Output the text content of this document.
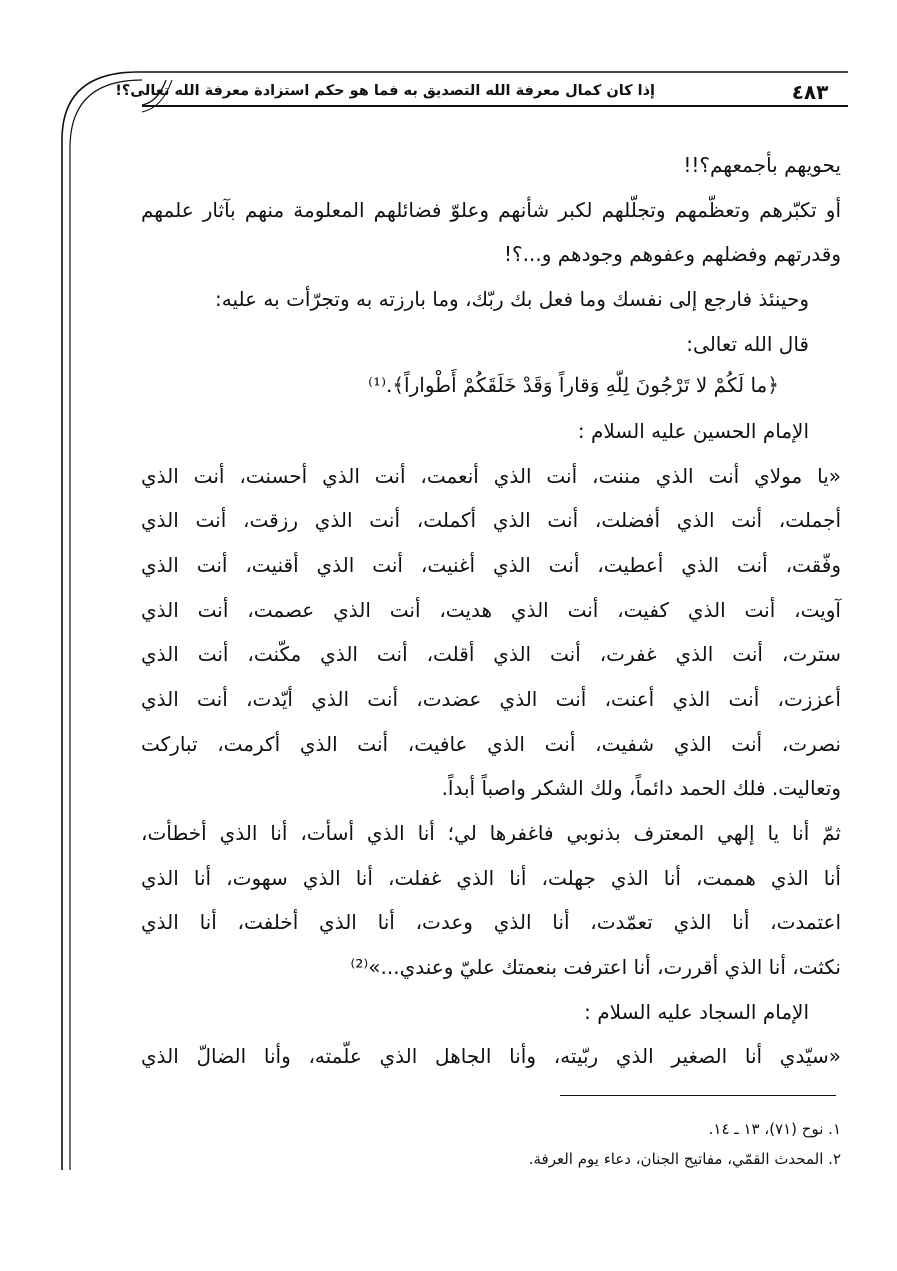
إذا كان كمال معرفة الله التصديق به فما هو حكم استزادة معرفة الله تعالى؟!	٤٨٣
يحويهم بأجمعهم؟!!
أو تكبّرهم وتعظّمهم وتجلّلهم لكبر شأنهم وعلوّ فضائلهم المعلومة منهم بآثار علمهم
وقدرتهم وفضلهم وعفوهم وجودهم و...؟!
وحينئذ فارجع إلى نفسك وما فعل بك ربّك، وما بارزته به وتجرّأت به عليه:
قال الله تعالى:
﴿ما لَكُمْ لا تَرْجُونَ لِلّهِ وَقاراً وَقَدْ خَلَقَكُمْ أَطْواراً﴾.⁽¹⁾
الإمام الحسين عليه السلام :
«يا مولاي أنت الذي مننت، أنت الذي أنعمت، أنت الذي أحسنت، أنت الذي
أجملت، أنت الذي أفضلت، أنت الذي أكملت، أنت الذي رزقت، أنت الذي
وفّقت، أنت الذي أعطيت، أنت الذي أغنيت، أنت الذي أقنيت، أنت الذي
آويت، أنت الذي كفيت، أنت الذي هديت، أنت الذي عصمت، أنت الذي
سترت، أنت الذي غفرت، أنت الذي أقلت، أنت الذي مكّنت، أنت الذي
أعززت، أنت الذي أعنت، أنت الذي عضدت، أنت الذي أيّدت، أنت الذي
نصرت، أنت الذي شفيت، أنت الذي عافيت، أنت الذي أكرمت، تباركت
وتعاليت. فلك الحمد دائماً، ولك الشكر واصباً أبداً.
ثمّ أنا يا إلهي المعترف بذنوبي فاغفرها لي؛ أنا الذي أسأت، أنا الذي أخطأت،
أنا الذي هممت، أنا الذي جهلت، أنا الذي غفلت، أنا الذي سهوت، أنا الذي
اعتمدت، أنا الذي تعمّدت، أنا الذي وعدت، أنا الذي أخلفت، أنا الذي
نكثت، أنا الذي أقررت، أنا اعترفت بنعمتك عليّ وعندي...»⁽²⁾
الإمام السجاد عليه السلام :
«سيّدي أنا الصغير الذي ربّيته، وأنا الجاهل الذي علّمته، وأنا الضالّ الذي
١. نوح (٧١)، ١٣ ـ ١٤.
٢. المحدث القمّي، مفاتيح الجنان، دعاء يوم العرفة.
